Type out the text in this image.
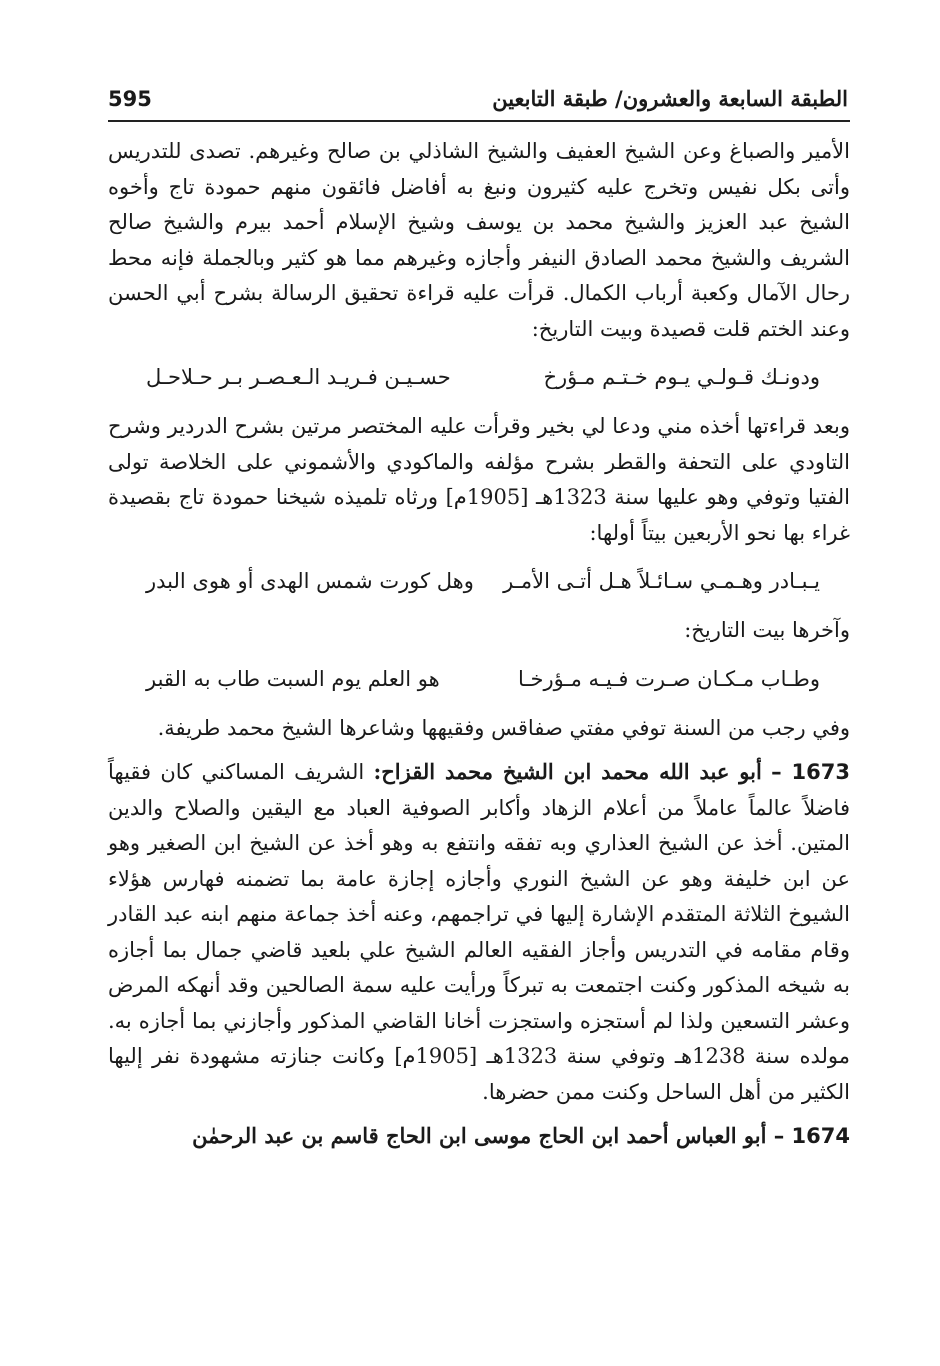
595	الطبقة السابعة والعشرون/ طبقة التابعين

الأمير والصباغ وعن الشيخ العفيف والشيخ الشاذلي بن صالح وغيرهم. تصدى للتدريس وأتى بكل نفيس وتخرج عليه كثيرون ونبغ به أفاضل فائقون منهم حمودة تاج وأخوه الشيخ عبد العزيز والشيخ محمد بن يوسف وشيخ الإسلام أحمد بيرم والشيخ صالح الشريف والشيخ محمد الصادق النيفر وأجازه وغيرهم مما هو كثير وبالجملة فإنه محط رحال الآمال وكعبة أرباب الكمال. قرأت عليه قراءة تحقيق الرسالة بشرح أبي الحسن وعند الختم قلت قصيدة وبيت التاريخ:

ودونـك قـولـي يـوم خـتـم مـؤرخ
حسـيـن فـريـد الـعـصـر بـر حـلاحـل

وبعد قراءتها أخذه مني ودعا لي بخير وقرأت عليه المختصر مرتين بشرح الدردير وشرح التاودي على التحفة والقطر بشرح مؤلفه والماكودي والأشموني على الخلاصة تولى الفتيا وتوفي وهو عليها سنة 1323هـ [1905م] ورثاه تلميذه شيخنا حمودة تاج بقصيدة غراء بها نحو الأربعين بيتاً أولها:

يـبـادر وهـمـي سـائـلاً هـل أتـى الأمـر
وهل كورت شمس الهدى أو هوى البدر

وآخرها بيت التاريخ:

وطـاب مـكـان صـرت فـيـه مـؤرخـا
هو العلم يوم السبت طاب به القبر

وفي رجب من السنة توفي مفتي صفاقس وفقيهها وشاعرها الشيخ محمد طريفة.

1673 – أبو عبد الله محمد ابن الشيخ محمد القزاح: الشريف المساكني كان فقيهاً فاضلاً عالماً عاملاً من أعلام الزهاد وأكابر الصوفية العباد مع اليقين والصلاح والدين المتين. أخذ عن الشيخ العذاري وبه تفقه وانتفع به وهو أخذ عن الشيخ ابن الصغير وهو عن ابن خليفة وهو عن الشيخ النوري وأجازه إجازة عامة بما تضمنه فهارس هؤلاء الشيوخ الثلاثة المتقدم الإشارة إليها في تراجمهم، وعنه أخذ جماعة منهم ابنه عبد القادر وقام مقامه في التدريس وأجاز الفقيه العالم الشيخ علي بلعيد قاضي جمال بما أجازه به شيخه المذكور وكنت اجتمعت به تبركاً ورأيت عليه سمة الصالحين وقد أنهكه المرض وعشر التسعين ولذا لم أستجزه واستجزت أخانا القاضي المذكور وأجازني بما أجازه به. مولده سنة 1238هـ وتوفي سنة 1323هـ [1905م] وكانت جنازته مشهودة نفر إليها الكثير من أهل الساحل وكنت ممن حضرها.

1674 – أبو العباس أحمد ابن الحاج موسى ابن الحاج قاسم بن عبد الرحمٰن
